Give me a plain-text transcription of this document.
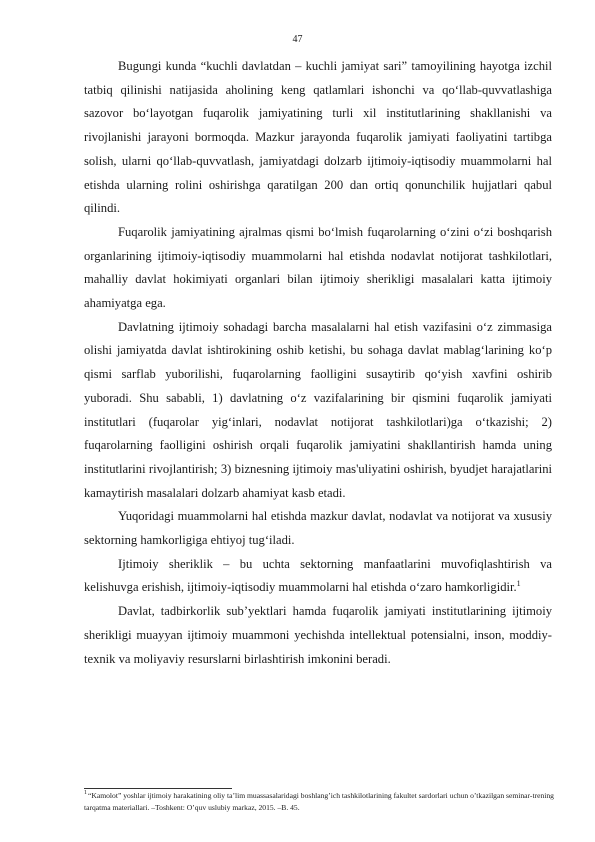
47

Bugungi kunda “kuchli davlatdan – kuchli jamiyat sari” tamoyilining hayotga izchil tatbiq qilinishi natijasida aholining keng qatlamlari ishonchi va qo‘llab-quvvatlashiga sazovor bo‘layotgan fuqarolik jamiyatining turli xil institutlarining shakllanishi va rivojlanishi jarayoni bormoqda. Mazkur jarayonda fuqarolik jamiyati faoliyatini tartibga solish, ularni qo‘llab-quvvatlash, jamiyatdagi dolzarb ijtimoiy-iqtisodiy muammolarni hal etishda ularning rolini oshirishga qaratilgan 200 dan ortiq qonunchilik hujjatlari qabul qilindi.

Fuqarolik jamiyatining ajralmas qismi bo‘lmish fuqarolarning o‘zini o‘zi boshqarish organlarining ijtimoiy-iqtisodiy muammolarni hal etishda nodavlat notijorat tashkilotlari, mahalliy davlat hokimiyati organlari bilan ijtimoiy sherikligi masalalari katta ijtimoiy ahamiyatga ega.

Davlatning ijtimoiy sohadagi barcha masalalarni hal etish vazifasini o‘z zimmasiga olishi jamiyatda davlat ishtirokining oshib ketishi, bu sohaga davlat mablag‘larining ko‘p qismi sarflab yuborilishi, fuqarolarning faolligini susaytirib qo‘yish xavfini oshirib yuboradi. Shu sababli, 1) davlatning o‘z vazifalarining bir qismini fuqarolik jamiyati institutlari (fuqarolar yig‘inlari, nodavlat notijorat tashkilotlari)ga o‘tkazishi; 2) fuqarolarning faolligini oshirish orqali fuqarolik jamiyatini shakllantirish hamda uning institutlarini rivojlantirish; 3) biznesning ijtimoiy mas'uliyatini oshirish, byudjet harajatlarini kamaytirish masalalari dolzarb ahamiyat kasb etadi.

Yuqoridagi muammolarni hal etishda mazkur davlat, nodavlat va notijorat va xususiy sektorning hamkorligiga ehtiyoj tug‘iladi.

Ijtimoiy sheriklik – bu uchta sektorning manfaatlarini muvofiqlashtirish va kelishuvga erishish, ijtimoiy-iqtisodiy muammolarni hal etishda o‘zaro hamkorligidir.$^1$

Davlat, tadbirkorlik sub’yektlari hamda fuqarolik jamiyati institutlarining ijtimoiy sherikligi muayyan ijtimoiy muammoni yechishda intellektual potensialni, inson, moddiy-texnik va moliyaviy resurslarni birlashtirish imkonini beradi.

$^1$“Kamolot” yoshlar ijtimoiy harakatining oliy ta’lim muassasalaridagi boshlang’ich tashkilotlarining fakultet sardorlari uchun o’tkazilgan seminar-trening tarqatma materiallari. –Toshkent: O’quv uslubiy markaz, 2015. –B. 45.
